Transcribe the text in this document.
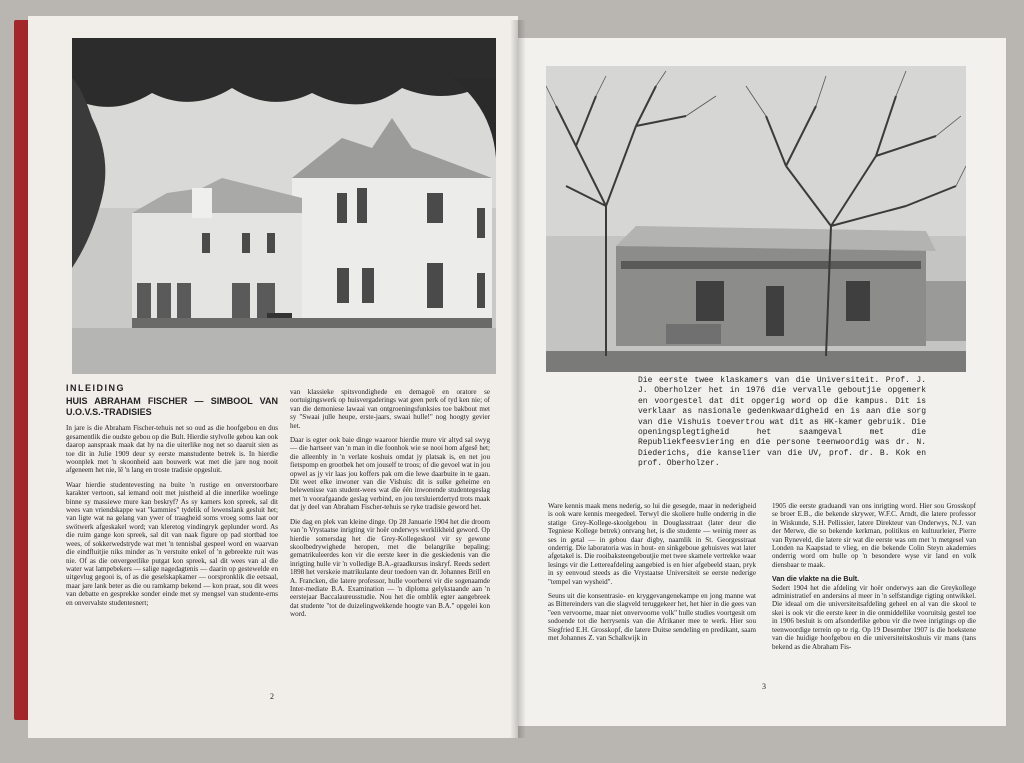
INLEIDING
HUIS ABRAHAM FISCHER — SIMBOOL VAN U.O.V.S.-TRADISIES

In jare is die Abraham Fischer-tehuis net so oud as die hoofgebou en dus gesamentlik die oudste gebou op die Bult. Hierdie stylvolle gebou kan ook daarop aanspraak maak dat hy na die uiterlike nog net so daaruit sien as toe dit in Julie 1909 deur sy eerste manstudente betrek is. In hierdie woonplek met 'n skoonheid aan bouwerk wat met die jare nog nooit afgeneem het nie, lê 'n lang en troste tradisie opgesluit.

Waar hierdie studentevesting na buite 'n rustige en onverstoorbare karakter vertoon, sal iemand ooit met juistheid al die innerlike woelinge binne sy massiewe mure kan beskryf? As sy kamers kon spreek, sal dit wees van vriendskappe wat "kammies" tydelik of lewenslank gesluit het; van ligte wat na gelang van ywer of traagheid soms vroeg soms laat oor swötwerk afgeskakel word; van kleretog vindingryk geplunder word. As die ruim gange kon spreek, sal dit van naak figure op pad stortbad toe wees, of sokkerwedstryde wat met 'n tennisbal gespeel word en waarvan die eindfluitjie niks minder as 'n verstuite enkel of 'n gebreekte ruit was nie. Of as die onvergeetlike putgat kon spreek, sal dit wees van al die water wat lampebekers — salige nagedagtenis — daarin op gestewelde en uitgevlug gegooi is, of as die geselskapkamer — oorspronklik die eetsaal, maar jare lank beter as die ou ramkamp bekend — kon praat, sou dit wees van debatte en gesprekke sonder einde met sy mengsel van studente-erns en onvervalste studentesnert;

van klassieke spitsvondighede en demagoë en oratore se oortuigingswerk op huisvergaderings wat geen perk of tyd ken nie; of van die demoniese lawaai van ontgroeningsfunksies toe bakbout met sy "Swaai julle heupe, erste-jaars, swaai hulle!" nog hoogty gevier het.

Daar is egter ook baie dinge waaroor hierdie mure vir altyd sal swyg — die hartseer van 'n man in die foonhok wie se nooi hom afgesê het; die alleenbly in 'n verlate koshuis omdat jy platsak is, en net jou fietspomp en grootbek het om jouself te troos; of die gevoel wat in jou opwel as jy vir laas jou koffers pak om die lewe daarbuite in te gaan. Dit weet elke inwoner van die Vishuis: dit is sulke geheime en belewenisse van student-wees wat die één inwonende studentegeslag met 'n voorafgaande geslag verbind, en jou tersluiertdertyd trots maak dat jy deel van Abraham Fischer-tehuis se ryke tradisie geword het.

Die dag en plek van kleine dinge. Op 28 Januarie 1904 het die droom van 'n Vrystaatse inrigting vir hoër onderwys werklikheid geword. Op hierdie somersdag het die Grey-Kollegeskool vir sy gewone skoolbedrywighede heropen, met die belangrike bepaling; gematrikuleerdes kon vir die eerste keer in die geskiedenis van die inrigting hulle vir 'n volledige B.A.-graadkursus inskryf. Reeds sedert 1898 het verskeie matrikulante deur toedoen van dr. Johannes Brill en A. Francken, die latere professor, hulle voorberei vir die sogenaamde Inter-mediate B.A. Examination — 'n diploma gelykstaande aan 'n eerstejaar Baccalaureusstudie. Nou het die omblik egter aangebreek dat studente "tot de duizelingwekkende hoogte van B.A." opgelei kon word.

2

Die eerste twee klaskamers van die Universiteit. Prof. J. J. Oberholzer het in 1976 die vervalle geboutjie opgemerk en voorgestel dat dit opgerig word op die kampus. Dit is verklaar as nasionale gedenkwaardigheid en is aan die sorg van die Vishuis toevertrou wat dit as HK-kamer gebruik. Die openingsplegtigheid het saamgeval met die Republiekfeesviering en die persone teenwoordig was dr. N. Diederichs, die kanselier van die UV, prof. dr. B. Kok en prof. Oberholzer.

Ware kennis maak mens nederig, so lui die gesegde, maar in nederigheid is ook ware kennis meegedeel. Terwyl die skoliere hulle onderrig in die statige Grey-Kollege-skoolgebou in Douglasstraat (later deur die Tegniese Kollege betrek) ontvang het, is die studente — weinig meer as ses in getal — in gebou daar digby, naamlik in St. Georgesstraat onderrig. Die laboratoria was in hout- en sinkgeboue gehuisves wat later afgetakel is. Die rooibaksteengeboutjie met twee skamele vertrekke waar lesings vir die Lettereafdeling aangebied is en hier afgebeeld staan, pryk in sy eenvoud steeds as die Vrystaatse Universiteit se eerste nederige "tempel van wysheid".

Seuns uit die konsentrasie- en kryggevangenekampe en jong manne wat as Bittereinders van die slagveld teruggekeer het, het hier in die gees van "een vervoorne, maar niet onvervoorne volk" hulle studies voortgesit om sodoende tot die herrysenis van die Afrikaner mee te werk. Hier sou Siegfried E.H. Grosskopf, die latere Duitse sendeling en predikant, saam met Johannes Z. van Schalkwijk in

1905 die eerste graduandi van ons inrigting word. Hier sou Grosskopf se broer E.B., die bekende skrywer, W.F.C. Arndt, die latere professor in Wiskunde, S.H. Pellissier, latere Direkteur van Onderwys, N.J. van der Merwe, die so bekende kerkman, politikus en kultuurleier, Pierre van Ryneveld, die latere sir wat die eerste was om met 'n metgesel van Londen na Kaapstad te vlieg, en die bekende Colin Steyn akademies onderrig word om hulle op 'n besondere wyse vir land en volk diensbaar te maak.

Van die vlakte na die Bult.

Sedert 1904 het die afdeling vir hoër onderwys aan die Greykollege administratief en andersins al meer in 'n selfstandige rigting ontwikkel. Die ideaal om die universiteitsafdeling geheel en al van die skool te skei is ook vir die eerste keer in die onmiddellike vooruitsig gestel toe in 1906 besluit is om afsonderlike gebou vir die twee inrigtings op die teenwoordige terrein op te rig. Op 19 Desember 1907 is die hoekstene van die huidige hoofgebou en die universiteitskoshuis vir mans (tans bekend as die Abraham Fis-

3
